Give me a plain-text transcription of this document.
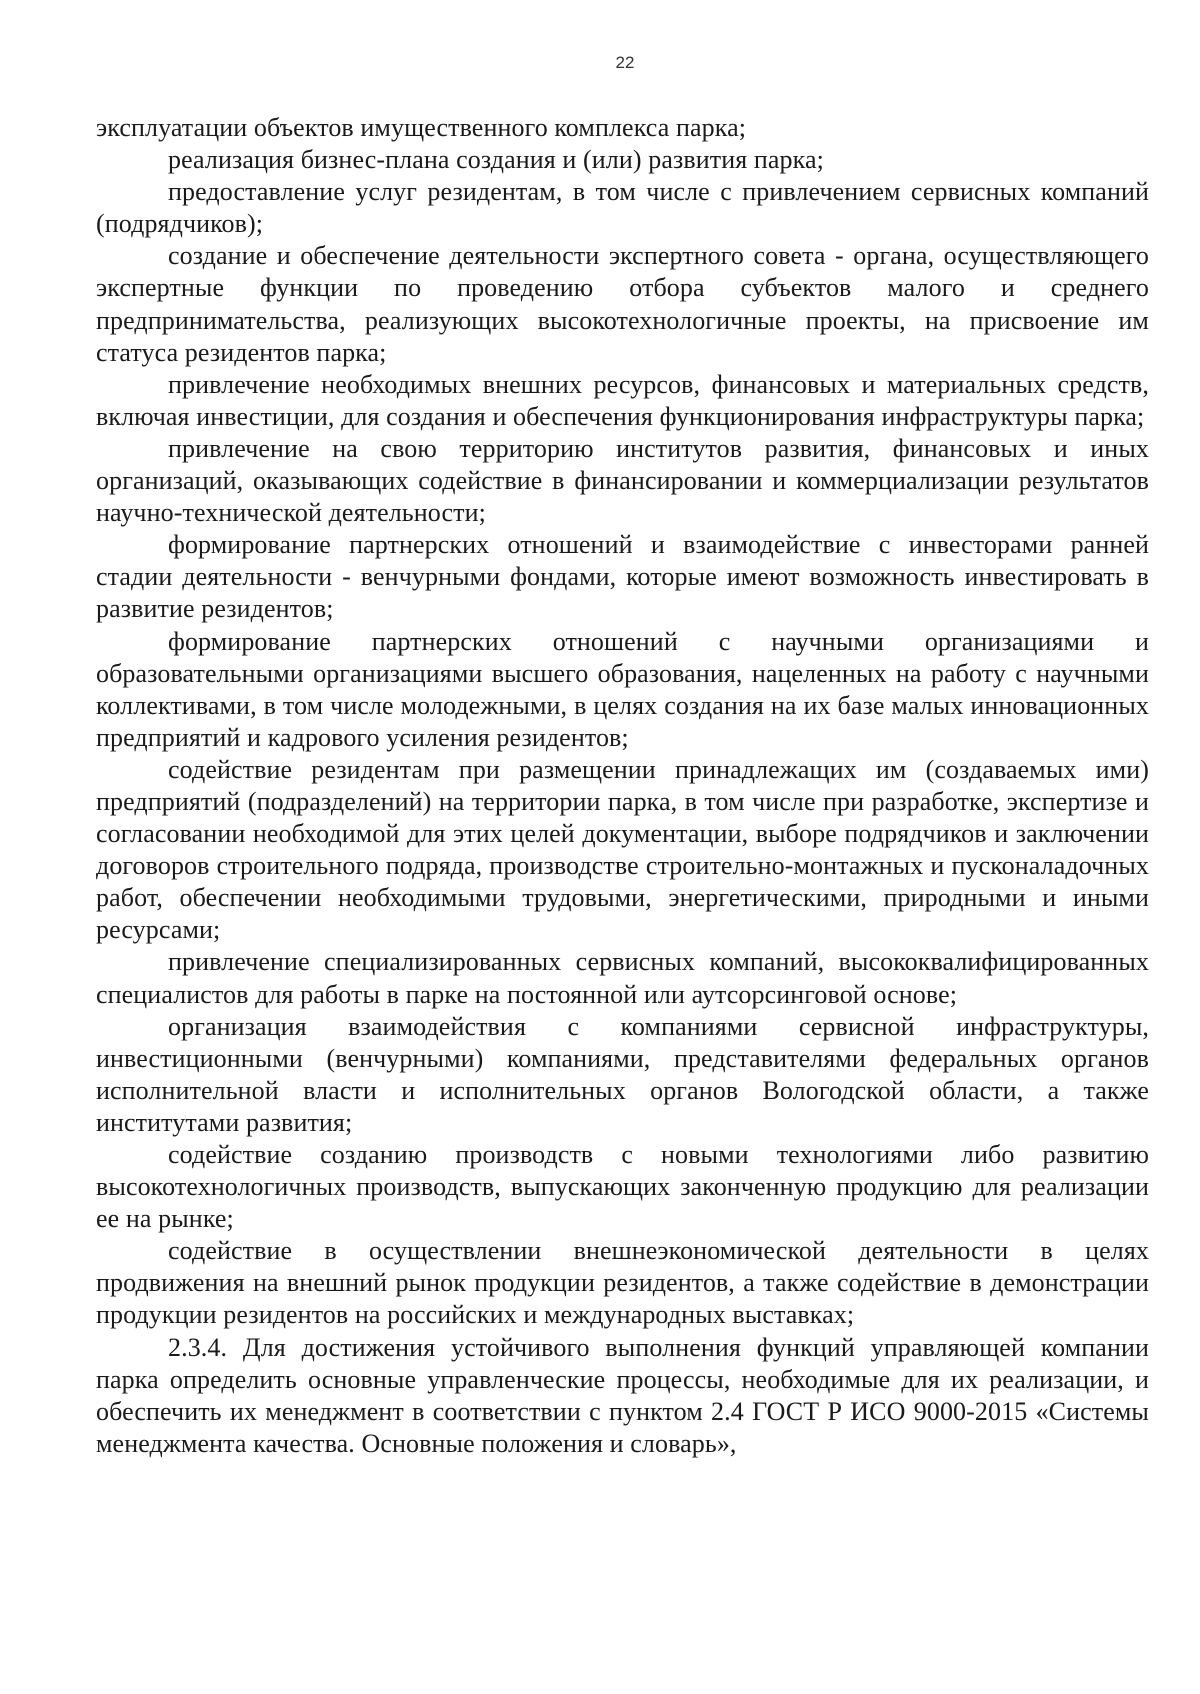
22

эксплуатации объектов имущественного комплекса парка;

реализация бизнес-плана создания и (или) развития парка;

предоставление услуг резидентам, в том числе с привлечением сервисных компаний (подрядчиков);

создание и обеспечение деятельности экспертного совета - органа, осуществляющего экспертные функции по проведению отбора субъектов малого и среднего предпринимательства, реализующих высокотехнологичные проекты, на присвоение им статуса резидентов парка;

привлечение необходимых внешних ресурсов, финансовых и материальных средств, включая инвестиции, для создания и обеспечения функционирования инфраструктуры парка;

привлечение на свою территорию институтов развития, финансовых и иных организаций, оказывающих содействие в финансировании и коммерциализации результатов научно-технической деятельности;

формирование партнерских отношений и взаимодействие с инвесторами ранней стадии деятельности - венчурными фондами, которые имеют возможность инвестировать в развитие резидентов;

формирование партнерских отношений с научными организациями и образовательными организациями высшего образования, нацеленных на работу с научными коллективами, в том числе молодежными, в целях создания на их базе малых инновационных предприятий и кадрового усиления резидентов;

содействие резидентам при размещении принадлежащих им (создаваемых ими) предприятий (подразделений) на территории парка, в том числе при разработке, экспертизе и согласовании необходимой для этих целей документации, выборе подрядчиков и заключении договоров строительного подряда, производстве строительно-монтажных и пусконаладочных работ, обеспечении необходимыми трудовыми, энергетическими, природными и иными ресурсами;

привлечение специализированных сервисных компаний, высококвалифицированных специалистов для работы в парке на постоянной или аутсорсинговой основе;

организация взаимодействия с компаниями сервисной инфраструктуры, инвестиционными (венчурными) компаниями, представителями федеральных органов исполнительной власти и исполнительных органов Вологодской области, а также институтами развития;

содействие созданию производств с новыми технологиями либо развитию высокотехнологичных производств, выпускающих законченную продукцию для реализации ее на рынке;

содействие в осуществлении внешнеэкономической деятельности в целях продвижения на внешний рынок продукции резидентов, а также содействие в демонстрации продукции резидентов на российских и международных выставках;

2.3.4. Для достижения устойчивого выполнения функций управляющей компании парка определить основные управленческие процессы, необходимые для их реализации, и обеспечить их менеджмент в соответствии с пунктом 2.4 ГОСТ Р ИСО 9000-2015 «Системы менеджмента качества. Основные положения и словарь»,
